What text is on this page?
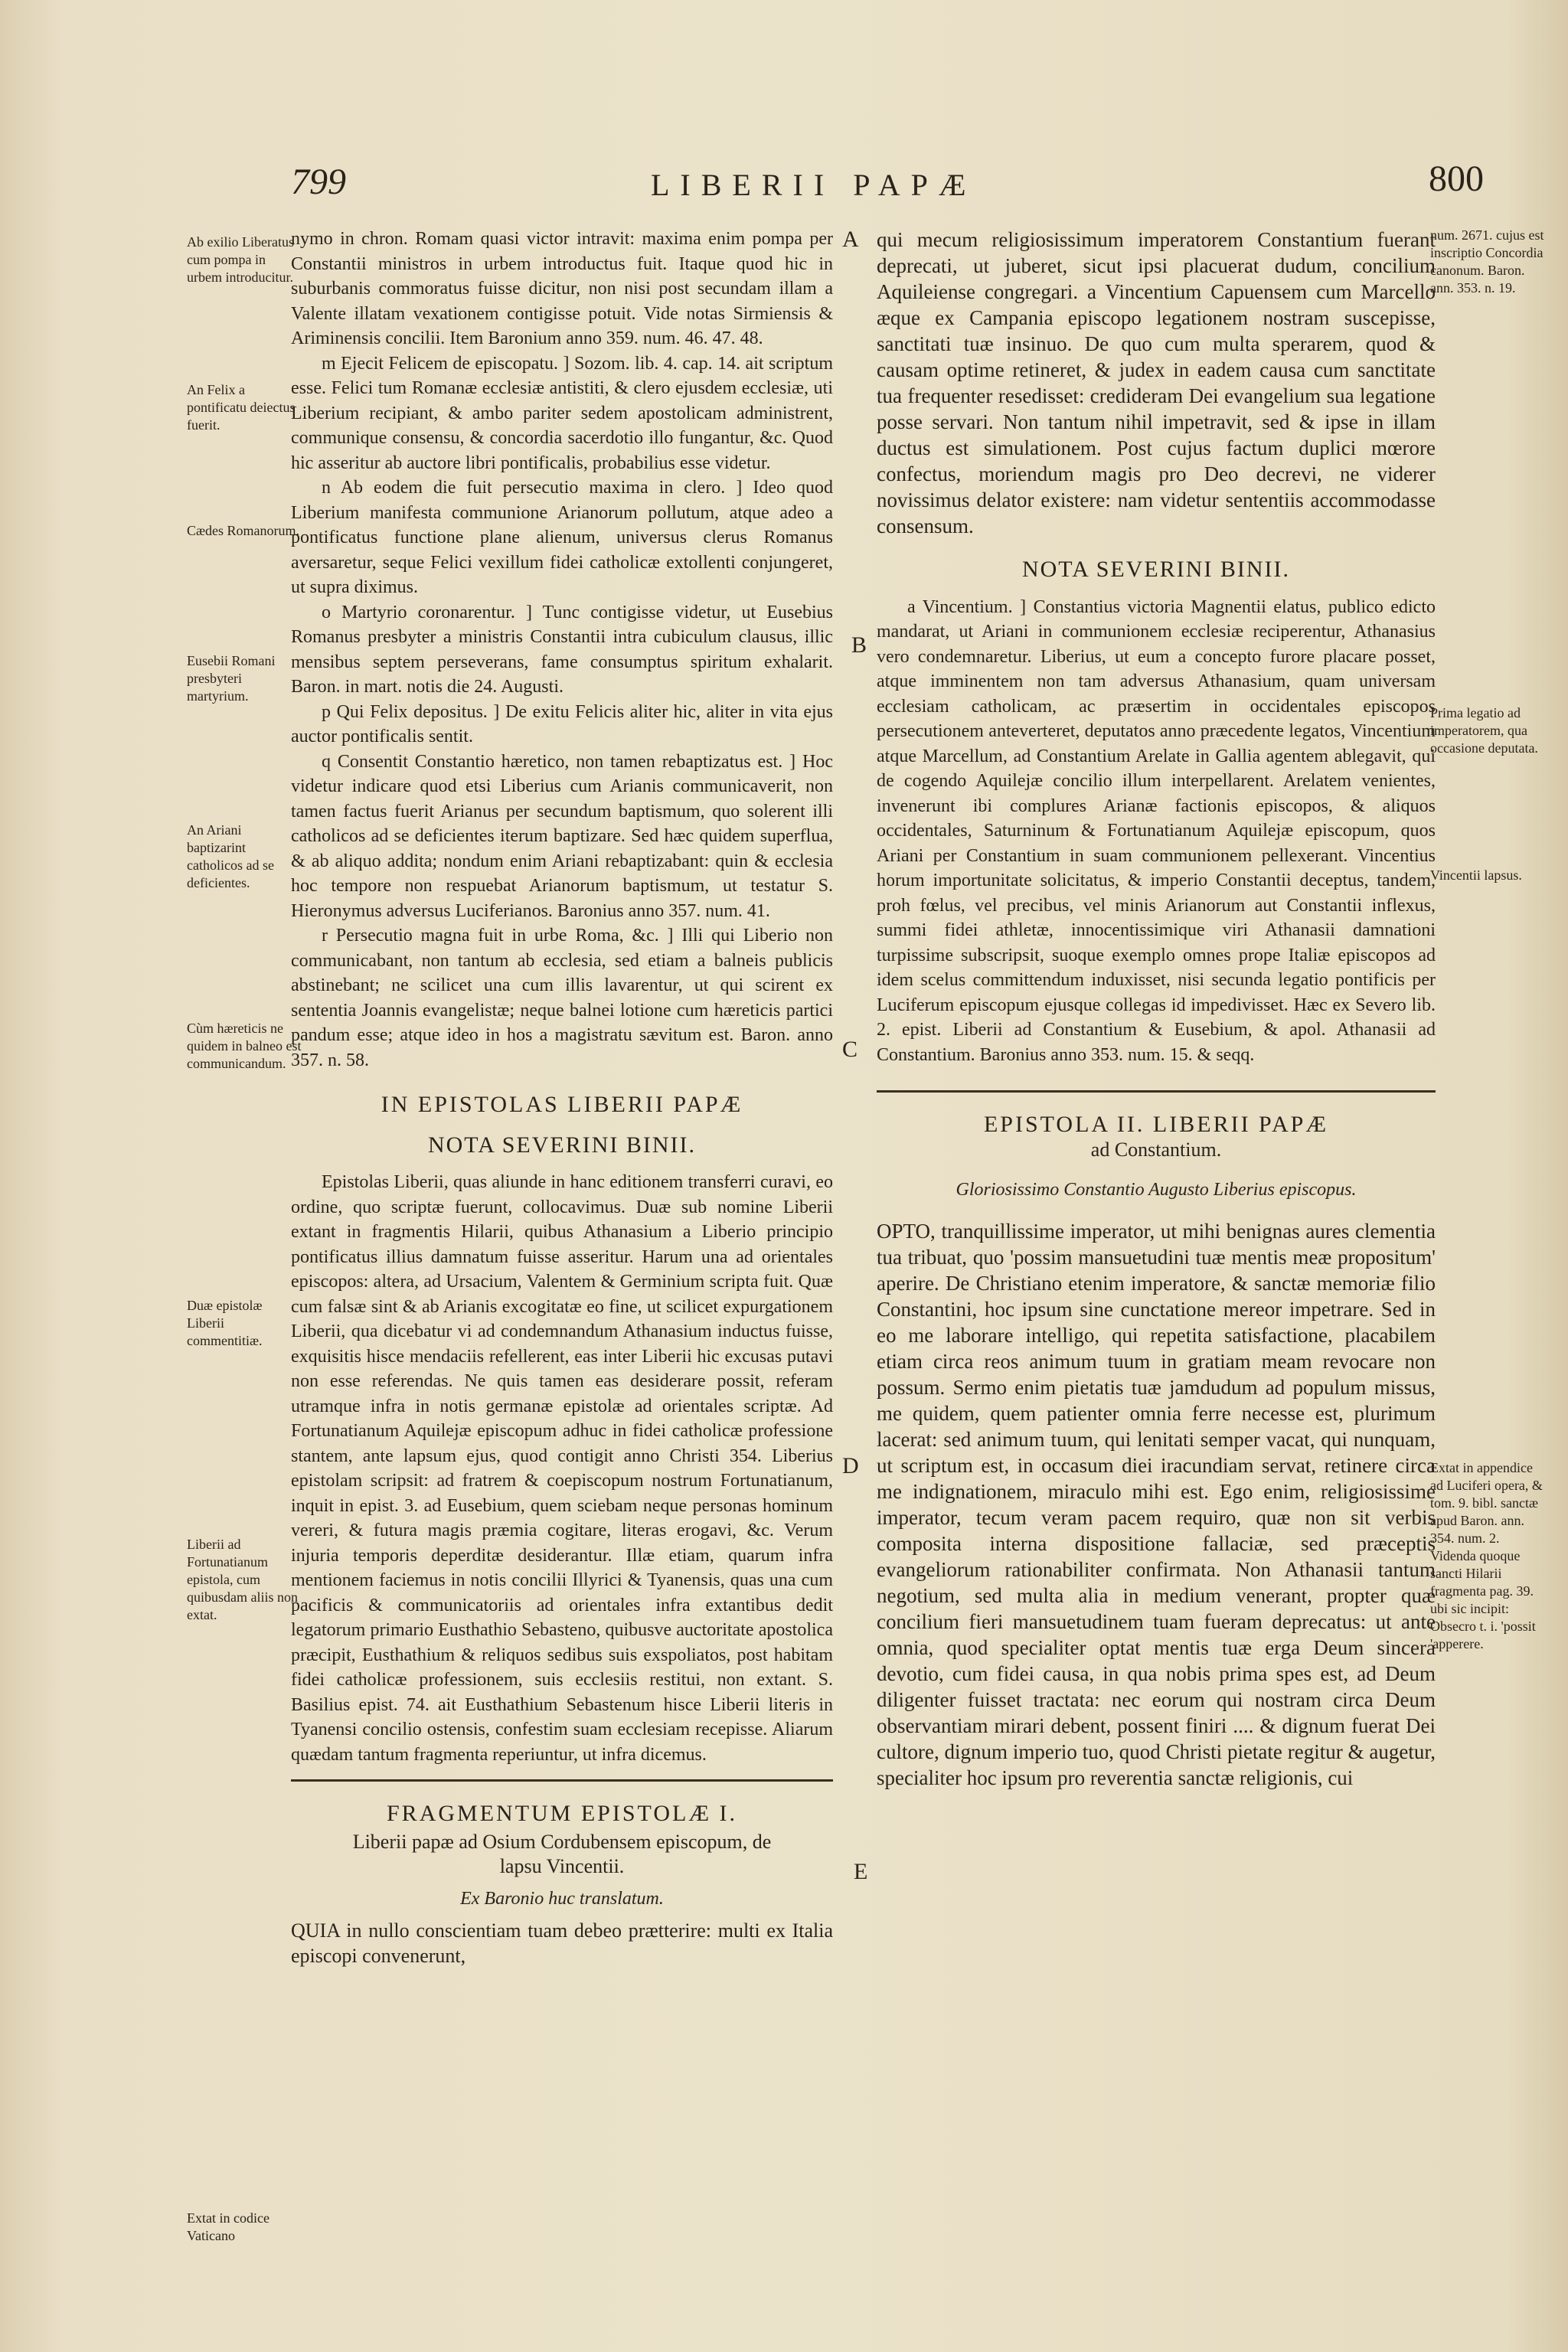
799	LIBERII PAPÆ	800
A
B
C
D
E
Ab exilio Liberatus cum pompa in urbem introducitur.
An Felix a pontificatu deiectus fuerit.
Cædes Romanorum.
Eusebii Romani presbyteri martyrium.
An Ariani baptizarint catholicos ad se deficientes.
Cùm hæreticis ne quidem in balneo est communicandum.
Duæ epistolæ Liberii commentitiæ.
Liberii ad Fortunatianum epistola, cum quibusdam aliis non extat.
Extat in codice Vaticano
num. 2671. cujus est inscriptio Concordia canonum. Baron. ann. 353. n. 19.
Prima legatio ad imperatorem, qua occasione deputata.
Vincentii lapsus.
Extat in appendice ad Luciferi opera, & tom. 9. bibl. sanctæ apud Baron. ann. 354. num. 2. Videnda quoque sancti Hilarii fragmenta pag. 39. ubi sic incipit: Obsecro t. i. 'possit 'apperere.

nymo in chron. Romam quasi victor intravit: maxima enim pompa per Constantii ministros in urbem introductus fuit. Itaque quod hic in suburbanis commoratus fuisse dicitur, non nisi post secundam illam a Valente illatam vexationem contigisse potuit. Vide notas Sirmiensis & Ariminensis concilii. Item Baronium anno 359. num. 46. 47. 48.

m Ejecit Felicem de episcopatu. ] Sozom. lib. 4. cap. 14. ait scriptum esse. Felici tum Romanæ ecclesiæ antistiti, & clero ejusdem ecclesiæ, uti Liberium recipiant, & ambo pariter sedem apostolicam administrent, communique consensu, & concordia sacerdotio illo fungantur, &c. Quod hic asseritur ab auctore libri pontificalis, probabilius esse videtur.

n Ab eodem die fuit persecutio maxima in clero. ] Ideo quod Liberium manifesta communione Arianorum pollutum, atque adeo a pontificatus functione plane alienum, universus clerus Romanus aversaretur, seque Felici vexillum fidei catholicæ extollenti conjungeret, ut supra diximus.

o Martyrio coronarentur. ] Tunc contigisse videtur, ut Eusebius Romanus presbyter a ministris Constantii intra cubiculum clausus, illic mensibus septem perseverans, fame consumptus spiritum exhalarit. Baron. in mart. notis die 24. Augusti.

p Qui Felix depositus. ] De exitu Felicis aliter hic, aliter in vita ejus auctor pontificalis sentit.

q Consentit Constantio hæretico, non tamen rebaptizatus est. ] Hoc videtur indicare quod etsi Liberius cum Arianis communicaverit, non tamen factus fuerit Arianus per secundum baptismum, quo solerent illi catholicos ad se deficientes iterum baptizare. Sed hæc quidem superflua, & ab aliquo addita; nondum enim Ariani rebaptizabant: quin & ecclesia hoc tempore non respuebat Arianorum baptismum, ut testatur S. Hieronymus adversus Luciferianos. Baronius anno 357. num. 41.

r Persecutio magna fuit in urbe Roma, &c. ] Illi qui Liberio non communicabant, non tantum ab ecclesia, sed etiam a balneis publicis abstinebant; ne scilicet una cum illis lavarentur, ut qui scirent ex sententia Joannis evangelistæ; neque balnei lotione cum hæreticis partici pandum esse; atque ideo in hos a magistratu sævitum est. Baron. anno 357. n. 58.

IN EPISTOLAS LIBERII PAPÆ
NOTA SEVERINI BINII.

Epistolas Liberii, quas aliunde in hanc editionem transferri curavi, eo ordine, quo scriptæ fuerunt, collocavimus. Duæ sub nomine Liberii extant in fragmentis Hilarii, quibus Athanasium a Liberio principio pontificatus illius damnatum fuisse asseritur. Harum una ad orientales episcopos: altera, ad Ursacium, Valentem & Germinium scripta fuit. Quæ cum falsæ sint & ab Arianis excogitatæ eo fine, ut scilicet expurgationem Liberii, qua dicebatur vi ad condemnandum Athanasium inductus fuisse, exquisitis hisce mendaciis refellerent, eas inter Liberii hic excusas putavi non esse referendas. Ne quis tamen eas desiderare possit, referam utramque infra in notis germanæ epistolæ ad orientales scriptæ. Ad Fortunatianum Aquilejæ episcopum adhuc in fidei catholicæ professione stantem, ante lapsum ejus, quod contigit anno Christi 354. Liberius epistolam scripsit: ad fratrem & coepiscopum nostrum Fortunatianum, inquit in epist. 3. ad Eusebium, quem sciebam neque personas hominum vereri, & futura magis præmia cogitare, literas erogavi, &c. Verum injuria temporis deperditæ desiderantur. Illæ etiam, quarum infra mentionem faciemus in notis concilii Illyrici & Tyanensis, quas una cum pacificis & communicatoriis ad orientales infra extantibus dedit legatorum primario Eusthathio Sebasteno, quibusve auctoritate apostolica præcipit, Eusthathium & reliquos sedibus suis exspoliatos, post habitam fidei catholicæ professionem, suis ecclesiis restitui, non extant. S. Basilius epist. 74. ait Eusthathium Sebastenum hisce Liberii literis in Tyanensi concilio ostensis, confestim suam ecclesiam recepisse. Aliarum quædam tantum fragmenta reperiuntur, ut infra dicemus.

FRAGMENTUM EPISTOLÆ I.
Liberii papæ ad Osium Cordubensem episcopum, de lapsu Vincentii.
Ex Baronio huc translatum.

QUIA in nullo conscientiam tuam debeo prætterire: multi ex Italia episcopi convenerunt,

qui mecum religiosissimum imperatorem Constantium fuerant deprecati, ut juberet, sicut ipsi placuerat dudum, concilium Aquileiense congregari. a Vincentium Capuensem cum Marcello æque ex Campania episcopo legationem nostram suscepisse, sanctitati tuæ insinuo. De quo cum multa sperarem, quod & causam optime retineret, & judex in eadem causa cum sanctitate tua frequenter resedisset: credideram Dei evangelium sua legatione posse servari. Non tantum nihil impetravit, sed & ipse in illam ductus est simulationem. Post cujus factum duplici mœrore confectus, moriendum magis pro Deo decrevi, ne viderer novissimus delator existere: nam videtur sententiis accommodasse consensum.

NOTA SEVERINI BINII.

a Vincentium. ] Constantius victoria Magnentii elatus, publico edicto mandarat, ut Ariani in communionem ecclesiæ reciperentur, Athanasius vero condemnaretur. Liberius, ut eum a concepto furore placare posset, atque imminentem non tam adversus Athanasium, quam universam ecclesiam catholicam, ac præsertim in occidentales episcopos persecutionem anteverteret, deputatos anno præcedente legatos, Vincentium atque Marcellum, ad Constantium Arelate in Gallia agentem ablegavit, qui de cogendo Aquilejæ concilio illum interpellarent. Arelatem venientes, invenerunt ibi complures Arianæ factionis episcopos, & aliquos occidentales, Saturninum & Fortunatianum Aquilejæ episcopum, quos Ariani per Constantium in suam communionem pellexerant. Vincentius horum importunitate solicitatus, & imperio Constantii deceptus, tandem, proh fœlus, vel precibus, vel minis Arianorum aut Constantii inflexus, summi fidei athletæ, innocentissimique viri Athanasii damnationi turpissime subscripsit, suoque exemplo omnes prope Italiæ episcopos ad idem scelus committendum induxisset, nisi secunda legatio pontificis per Luciferum episcopum ejusque collegas id impedivisset. Hæc ex Severo lib. 2. epist. Liberii ad Constantium & Eusebium, & apol. Athanasii ad Constantium. Baronius anno 353. num. 15. & seqq.

EPISTOLA II. LIBERII PAPÆ
ad Constantium.
Gloriosissimo Constantio Augusto Liberius episcopus.

OPTO, tranquillissime imperator, ut mihi benignas aures clementia tua tribuat, quo 'possim mansuetudini tuæ mentis meæ propositum' aperire. De Christiano etenim imperatore, & sanctæ memoriæ filio Constantini, hoc ipsum sine cunctatione mereor impetrare. Sed in eo me laborare intelligo, qui repetita satisfactione, placabilem etiam circa reos animum tuum in gratiam meam revocare non possum. Sermo enim pietatis tuæ jamdudum ad populum missus, me quidem, quem patienter omnia ferre necesse est, plurimum lacerat: sed animum tuum, qui lenitati semper vacat, qui nunquam, ut scriptum est, in occasum diei iracundiam servat, retinere circa me indignationem, miraculo mihi est. Ego enim, religiosissime imperator, tecum veram pacem requiro, quæ non sit verbis composita interna dispositione fallaciæ, sed præceptis evangeliorum rationabiliter confirmata. Non Athanasii tantum negotium, sed multa alia in medium venerant, propter quæ concilium fieri mansuetudinem tuam fueram deprecatus: ut ante omnia, quod specialiter optat mentis tuæ erga Deum sincera devotio, cum fidei causa, in qua nobis prima spes est, ad Deum diligenter fuisset tractata: nec eorum qui nostram circa Deum observantiam mirari debent, possent finiri .... & dignum fuerat Dei cultore, dignum imperio tuo, quod Christi pietate regitur & augetur, specialiter hoc ipsum pro reverentia sanctæ religionis, cui
